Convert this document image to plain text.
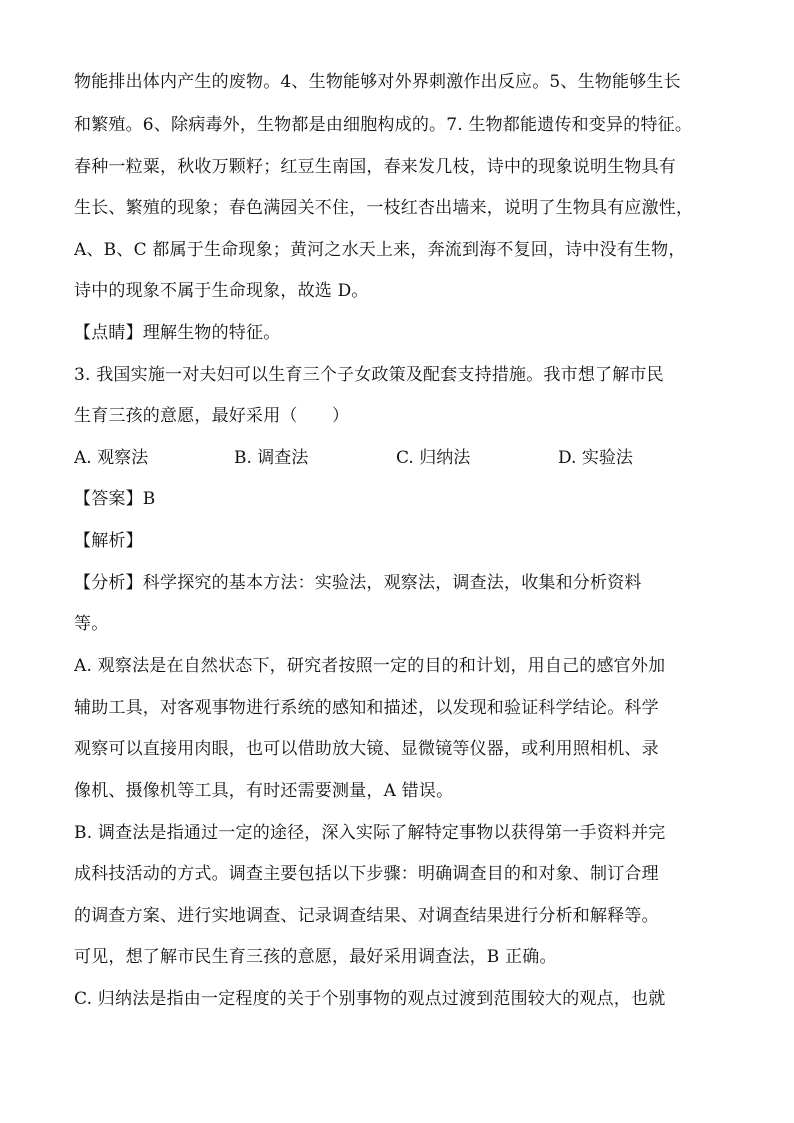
物能排出体内产生的废物。4、生物能够对外界刺激作出反应。5、生物能够生长
和繁殖。6、除病毒外，生物都是由细胞构成的。7. 生物都能遗传和变异的特征。
春种一粒粟，秋收万颗籽；红豆生南国，春来发几枝，诗中的现象说明生物具有
生长、繁殖的现象；春色满园关不住，一枝红杏出墙来，说明了生物具有应激性，
A、B、C 都属于生命现象；黄河之水天上来，奔流到海不复回，诗中没有生物，
诗中的现象不属于生命现象，故选 D。
【点睛】理解生物的特征。
3. 我国实施一对夫妇可以生育三个子女政策及配套支持措施。我市想了解市民
生育三孩的意愿，最好采用（　　）
A. 观察法	B. 调查法	C. 归纳法	D. 实验法
【答案】B
【解析】
【分析】科学探究的基本方法：实验法，观察法，调查法，收集和分析资料
等。
A. 观察法是在自然状态下，研究者按照一定的目的和计划，用自己的感官外加
辅助工具，对客观事物进行系统的感知和描述，以发现和验证科学结论。科学
观察可以直接用肉眼，也可以借助放大镜、显微镜等仪器，或利用照相机、录
像机、摄像机等工具，有时还需要测量，A 错误。
B. 调查法是指通过一定的途径，深入实际了解特定事物以获得第一手资料并完
成科技活动的方式。调查主要包括以下步骤：明确调查目的和对象、制订合理
的调查方案、进行实地调查、记录调查结果、对调查结果进行分析和解释等。
可见，想了解市民生育三孩的意愿，最好采用调查法，B 正确。
C. 归纳法是指由一定程度的关于个别事物的观点过渡到范围较大的观点，也就
